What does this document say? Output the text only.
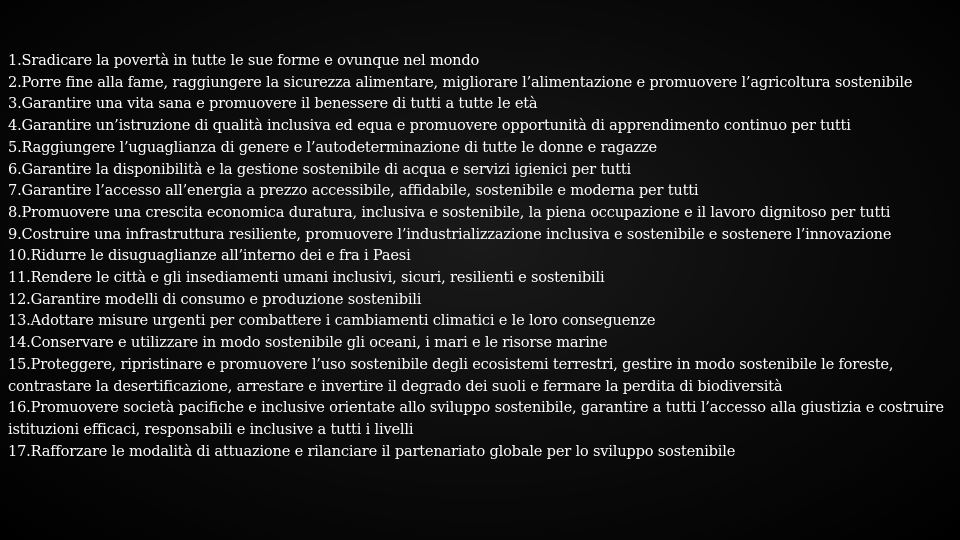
1.Sradicare la povertà in tutte le sue forme e ovunque nel mondo
2.Porre fine alla fame, raggiungere la sicurezza alimentare, migliorare l’alimentazione e promuovere l’agricoltura sostenibile
3.Garantire una vita sana e promuovere il benessere di tutti a tutte le età
4.Garantire un’istruzione di qualità inclusiva ed equa e promuovere opportunità di apprendimento continuo per tutti
5.Raggiungere l’uguaglianza di genere e l’autodeterminazione di tutte le donne e ragazze
6.Garantire la disponibilità e la gestione sostenibile di acqua e servizi igienici per tutti
7.Garantire l’accesso all’energia a prezzo accessibile, affidabile, sostenibile e moderna per tutti
8.Promuovere una crescita economica duratura, inclusiva e sostenibile, la piena occupazione e il lavoro dignitoso per tutti
9.Costruire una infrastruttura resiliente, promuovere l’industrializzazione inclusiva e sostenibile e sostenere l’innovazione
10.Ridurre le disuguaglianze all’interno dei e fra i Paesi
11.Rendere le città e gli insediamenti umani inclusivi, sicuri, resilienti e sostenibili
12.Garantire modelli di consumo e produzione sostenibili
13.Adottare misure urgenti per combattere i cambiamenti climatici e le loro conseguenze
14.Conservare e utilizzare in modo sostenibile gli oceani, i mari e le risorse marine
15.Proteggere, ripristinare e promuovere l’uso sostenibile degli ecosistemi terrestri, gestire in modo sostenibile le foreste, contrastare la desertificazione, arrestare e invertire il degrado dei suoli e fermare la perdita di biodiversità
16.Promuovere società pacifiche e inclusive orientate allo sviluppo sostenibile, garantire a tutti l’accesso alla giustizia e costruire istituzioni efficaci, responsabili e inclusive a tutti i livelli
17.Rafforzare le modalità di attuazione e rilanciare il partenariato globale per lo sviluppo sostenibile
